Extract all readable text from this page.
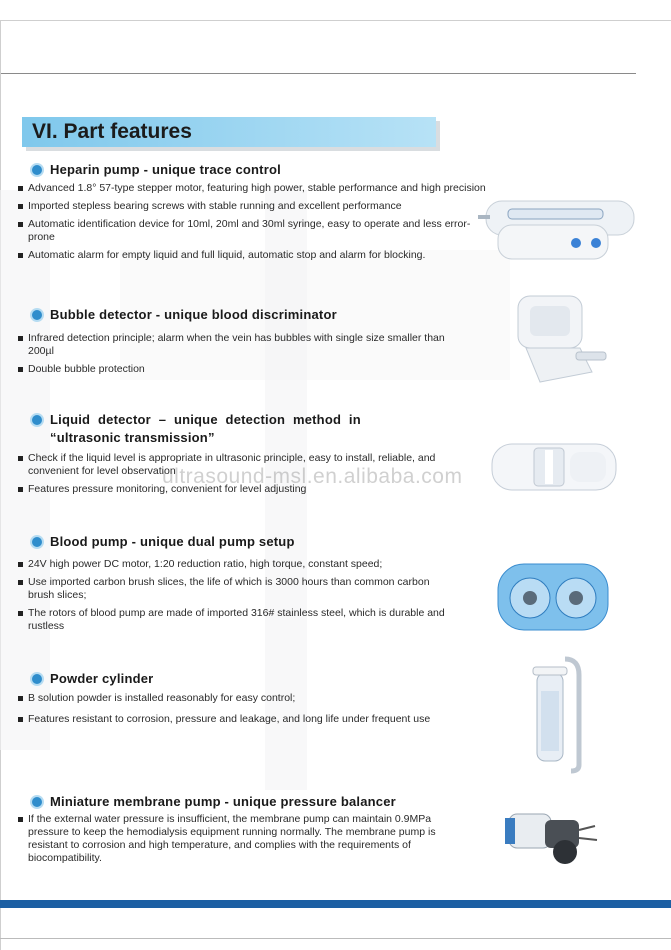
VI. Part features
Heparin pump - unique trace control
Advanced 1.8° 57-type stepper motor, featuring high power, stable performance and high precision
Imported stepless bearing screws with stable running and excellent performance
Automatic identification device for 10ml, 20ml and 30ml syringe, easy to operate and less error-prone
Automatic alarm for empty liquid and full liquid, automatic stop and alarm for blocking.
Bubble detector - unique blood discriminator
Infrared detection principle; alarm when the vein has bubbles with single size smaller than 200µl
Double bubble protection
Liquid detector – unique detection method in
“ultrasonic transmission”
Check if the liquid level is appropriate in ultrasonic principle, easy to install, reliable, and convenient for level observation
Features pressure monitoring, convenient for level adjusting
ultrasound-msl.en.alibaba.com
Blood pump - unique dual pump setup
24V high power DC motor, 1:20 reduction ratio, high torque, constant speed;
Use imported carbon brush slices, the life of which is 3000 hours than common carbon brush slices;
The rotors of blood pump are made of imported 316# stainless steel, which is durable and rustless
Powder cylinder
B solution powder is installed reasonably for easy control;
Features resistant to corrosion, pressure and leakage, and long life under frequent use
Miniature membrane pump - unique pressure balancer
If the external water pressure is insufficient, the membrane pump can maintain 0.9MPa pressure to keep the hemodialysis equipment running normally. The membrane pump is resistant to corrosion and high temperature, and complies with the requirements of biocompatibility.
